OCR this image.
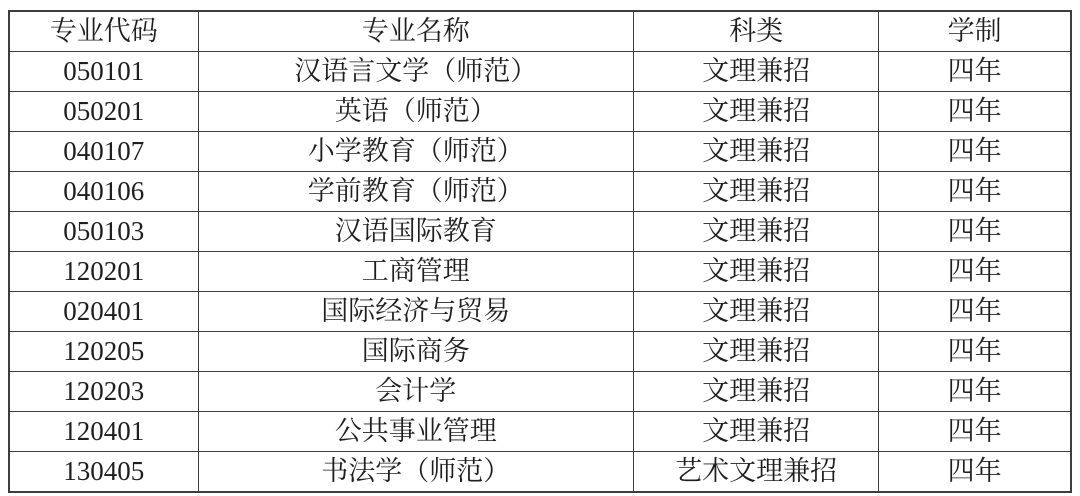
专业代码	专业名称	科类	学制
050101	汉语言文学（师范）	文理兼招	四年
050201	英语（师范）	文理兼招	四年
040107	小学教育（师范）	文理兼招	四年
040106	学前教育（师范）	文理兼招	四年
050103	汉语国际教育	文理兼招	四年
120201	工商管理	文理兼招	四年
020401	国际经济与贸易	文理兼招	四年
120205	国际商务	文理兼招	四年
120203	会计学	文理兼招	四年
120401	公共事业管理	文理兼招	四年
130405	书法学（师范）	艺术文理兼招	四年
